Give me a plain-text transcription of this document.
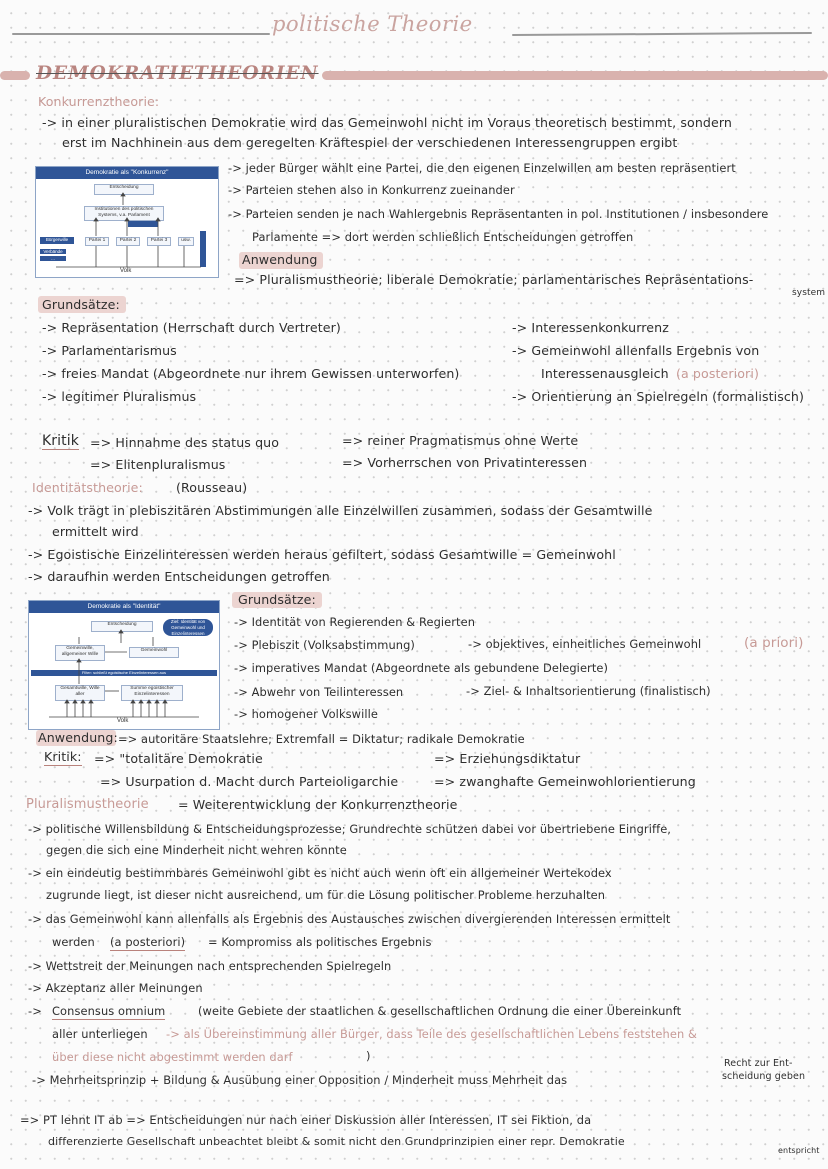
politische Theorie
DEMOKRATIETHEORIEN
Konkurrenztheorie:
-> in einer pluralistischen Demokratie wird das Gemeinwohl nicht im Voraus theoretisch bestimmt, sondern
erst im Nachhinein aus dem geregelten Kräftespiel der verschiedenen Interessengruppen ergibt
Demokratie als "Konkurrenz"
Entscheidung
Institutionen des politischen Systems, v.a. Parlament
Partei 1	Partei 2	Partei 3	usw.
Bürgerwille
Verbände
...
Volk
-> jeder Bürger wählt eine Partei, die den eigenen Einzelwillen am besten repräsentiert
-> Parteien stehen also in Konkurrenz zueinander
-> Parteien senden je nach Wahlergebnis Repräsentanten in pol. Institutionen / insbesondere
Parlamente => dort werden schließlich Entscheidungen getroffen
Anwendung
=> Pluralismustheorie; liberale Demokratie; parlamentarisches Repräsentations-
system
Grundsätze:
-> Repräsentation (Herrschaft durch Vertreter)
-> Parlamentarismus
-> freies Mandat (Abgeordnete nur ihrem Gewissen unterworfen)
-> legitimer Pluralismus
-> Interessenkonkurrenz
-> Gemeinwohl allenfalls Ergebnis von
Interessenausgleich (a posteriori)
-> Orientierung an Spielregeln (formalistisch)
Kritik => Hinnahme des status quo
=> Elitenpluralismus
=> reiner Pragmatismus ohne Werte
=> Vorherrschen von Privatinteressen
Identitätstheorie:	(Rousseau)
-> Volk trägt in plebiszitären Abstimmungen alle Einzelwillen zusammen, sodass der Gesamtwille
ermittelt wird
-> Egoistische Einzelinteressen werden heraus gefiltert, sodass Gesamtwille = Gemeinwohl
-> daraufhin werden Entscheidungen getroffen
Demokratie als "Identität"
Entscheidung
Ziel: Identität von Gemeinwohl und Einzelinteressen
Gemeinwille, allgemeiner Wille
Gemeinwohl
Filter: schließt egoistische Einzelinteressen aus
Gesamtwille, Wille aller
Summe egoistischer Einzelinteressen
Volk
Grundsätze:
-> Identität von Regierenden & Regierten
-> Plebiszit (Volksabstimmung)	-> objektives, einheitliches Gemeinwohl	(a priori)
-> imperatives Mandat (Abgeordnete als gebundene Delegierte)
-> Abwehr von Teilinteressen	-> Ziel- & Inhaltsorientierung (finalistisch)
-> homogener Volkswille
Anwendung: => autoritäre Staatslehre; Extremfall = Diktatur; radikale Demokratie
Kritik: => "totalitäre Demokratie
=> Usurpation d. Macht durch Parteioligarchie
=> Erziehungsdiktatur
=> zwanghafte Gemeinwohlorientierung
Pluralismustheorie = Weiterentwicklung der Konkurrenztheorie
-> politische Willensbildung & Entscheidungsprozesse; Grundrechte schützen dabei vor übertriebene Eingriffe,
gegen die sich eine Minderheit nicht wehren könnte
-> ein eindeutig bestimmbares Gemeinwohl gibt es nicht auch wenn oft ein allgemeiner Wertekodex
zugrunde liegt, ist dieser nicht ausreichend, um für die Lösung politischer Probleme herzuhalten
-> das Gemeinwohl kann allenfalls als Ergebnis des Austausches zwischen divergierenden Interessen ermittelt
werden (a posteriori) = Kompromiss als politisches Ergebnis
-> Wettstreit der Meinungen nach entsprechenden Spielregeln
-> Akzeptanz aller Meinungen
-> Consensus omnium	(weite Gebiete der staatlichen & gesellschaftlichen Ordnung die einer Übereinkunft
aller unterliegen -> als Übereinstimmung aller Bürger, dass Teile des gesellschaftlichen Lebens feststehen &
über diese nicht abgestimmt werden darf	)
Recht zur Ent-
scheidung geben
-> Mehrheitsprinzip + Bildung & Ausübung einer Opposition / Minderheit muss Mehrheit das
=> PT lehnt IT ab => Entscheidungen nur nach einer Diskussion aller Interessen, IT sei Fiktion, da
differenzierte Gesellschaft unbeachtet bleibt & somit nicht den Grundprinzipien einer repr. Demokratie
entspricht
